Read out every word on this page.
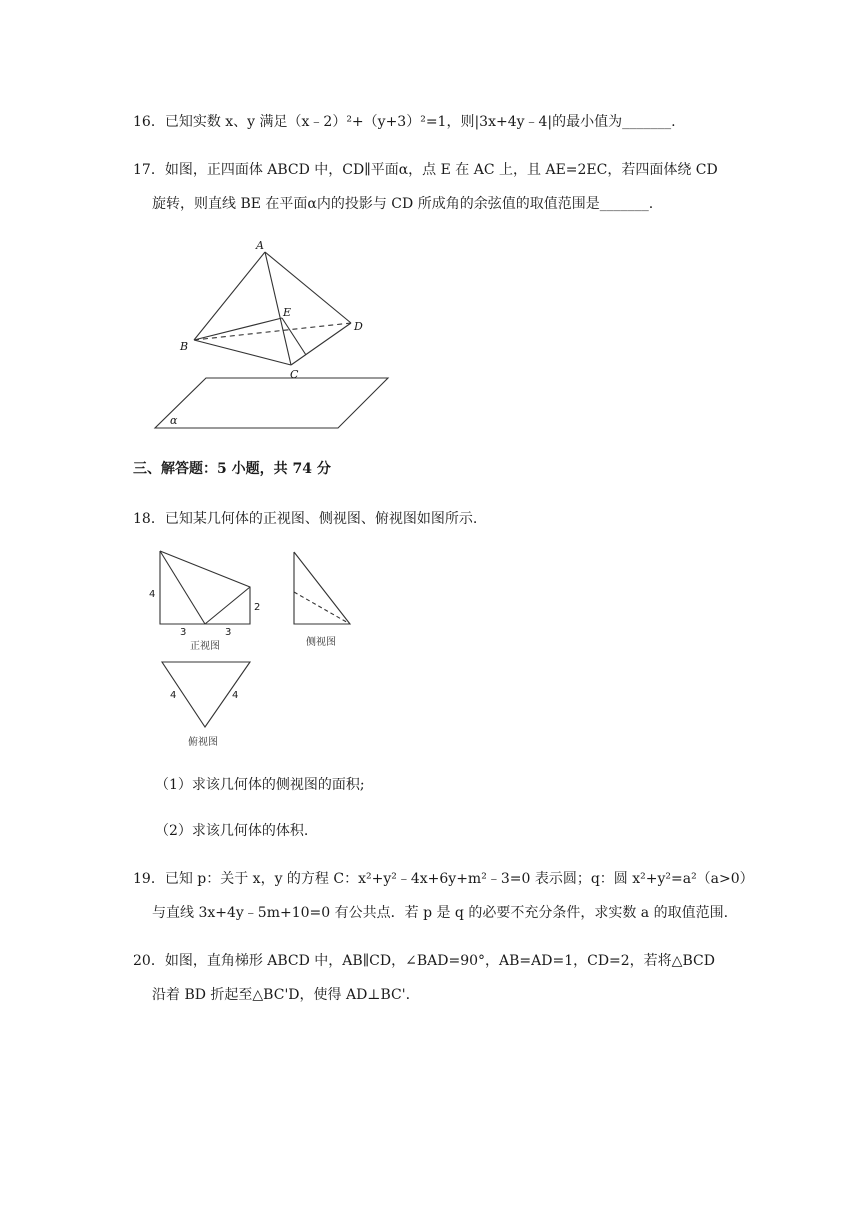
16．已知实数 x、y 满足（x﹣2）²+（y+3）²=1，则|3x+4y﹣4|的最小值为_______.
17．如图，正四面体 ABCD 中，CD∥平面α，点 E 在 AC 上，且 AE=2EC，若四面体绕 CD
旋转，则直线 BE 在平面α内的投影与 CD 所成角的余弦值的取值范围是_______.
A
B
C
D
E
α
4
2
3	3
正视图	侧视图
4	4
俯视图
三、解答题：5 小题，共 74 分
18．已知某几何体的正视图、侧视图、俯视图如图所示.
（1）求该几何体的侧视图的面积;
（2）求该几何体的体积.
19．已知 p：关于 x，y 的方程 C：x²+y²﹣4x+6y+m²﹣3=0 表示圆；q：圆 x²+y²=a²（a>0）
与直线 3x+4y﹣5m+10=0 有公共点．若 p 是 q 的必要不充分条件，求实数 a 的取值范围.
20．如图，直角梯形 ABCD 中，AB∥CD，∠BAD=90°，AB=AD=1，CD=2，若将△BCD
沿着 BD 折起至△BC'D，使得 AD⊥BC'.
